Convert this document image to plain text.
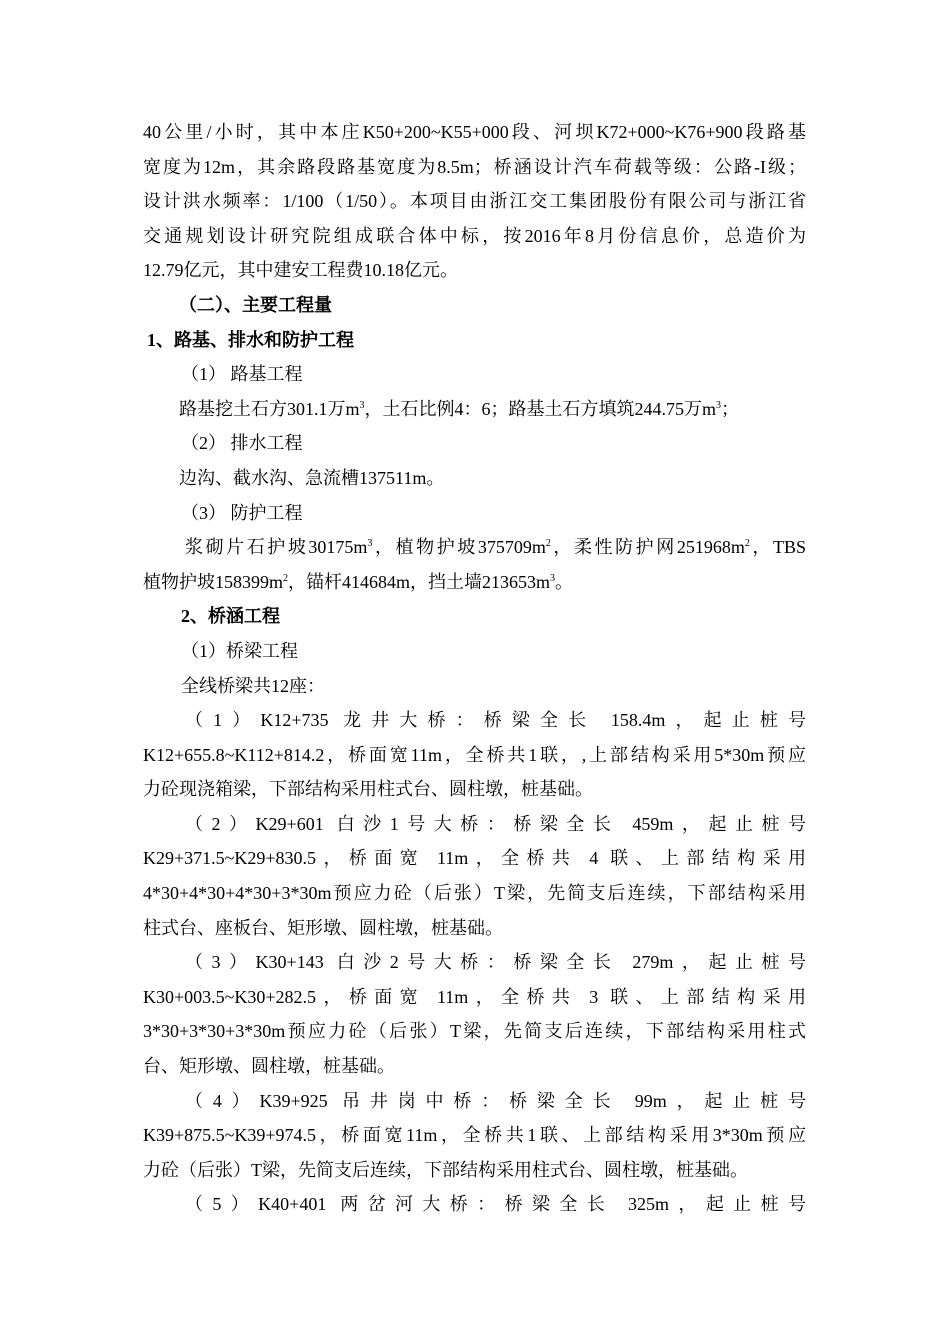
40公里/小时，其中本庄K50+200~K55+000段、河坝K72+000~K76+900段路基

宽度为12m，其余路段路基宽度为8.5m；桥涵设计汽车荷载等级：公路-I级；

设计洪水频率：1/100（1/50）。本项目由浙江交工集团股份有限公司与浙江省

交通规划设计研究院组成联合体中标，按2016年8月份信息价，总造价为

12.79亿元，其中建安工程费10.18亿元。

（二）、主要工程量

1、路基、排水和防护工程

（1） 路基工程

路基挖土石方301.1万$m^3$，土石比例4：6；路基土石方填筑244.75万$m^3$；

（2） 排水工程

边沟、截水沟、急流槽137511m。

（3） 防护工程

浆砌片石护坡$30175m^3$，植物护坡$375709m^2$，柔性防护网$251968m^2$，TBS

植物护坡$158399m^2$，锚杆414684m，挡土墙$213653m^3$。

2、桥涵工程

（1）桥梁工程

全线桥梁共12座：

（1）K12+735 龙井大桥：桥梁全长 158.4m，起止桩号

K12+655.8~K112+814.2，桥面宽11m，全桥共1联，,上部结构采用5*30m预应

力砼现浇箱梁，下部结构采用柱式台、圆柱墩，桩基础。

（2）K29+601 白沙1号大桥：桥梁全长 459m，起止桩号

K29+371.5~K29+830.5，桥面宽 11m，全桥共 4 联、上部结构采用

4*30+4*30+4*30+3*30m预应力砼（后张）T梁，先简支后连续，下部结构采用

柱式台、座板台、矩形墩、圆柱墩，桩基础。

（3）K30+143 白沙2号大桥：桥梁全长 279m，起止桩号

K30+003.5~K30+282.5，桥面宽 11m，全桥共 3 联、上部结构采用

3*30+3*30+3*30m预应力砼（后张）T梁，先简支后连续，下部结构采用柱式

台、矩形墩、圆柱墩，桩基础。

（4）K39+925 吊井岗中桥：桥梁全长 99m，起止桩号

K39+875.5~K39+974.5，桥面宽11m，全桥共1联、上部结构采用3*30m预应

力砼（后张）T梁，先简支后连续，下部结构采用柱式台、圆柱墩，桩基础。

（5）K40+401 两岔河大桥：桥梁全长 325m，起止桩号
